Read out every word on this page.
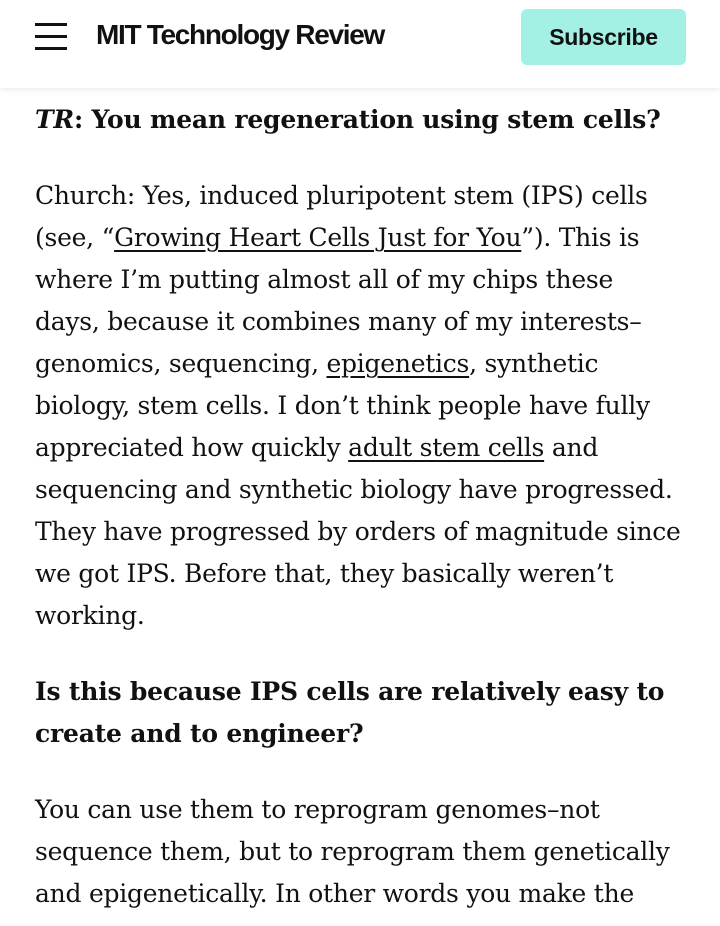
MIT Technology Review	Subscribe

TR: You mean regeneration using stem cells?

Church: Yes, induced pluripotent stem (IPS) cells (see, “Growing Heart Cells Just for You”). This is where I’m putting almost all of my chips these days, because it combines many of my interests–genomics, sequencing, epigenetics, synthetic biology, stem cells. I don’t think people have fully appreciated how quickly adult stem cells and sequencing and synthetic biology have progressed. They have progressed by orders of magnitude since we got IPS. Before that, they basically weren’t working.

Is this because IPS cells are relatively easy to create and to engineer?

You can use them to reprogram genomes–not sequence them, but to reprogram them genetically and epigenetically. In other words you make the
